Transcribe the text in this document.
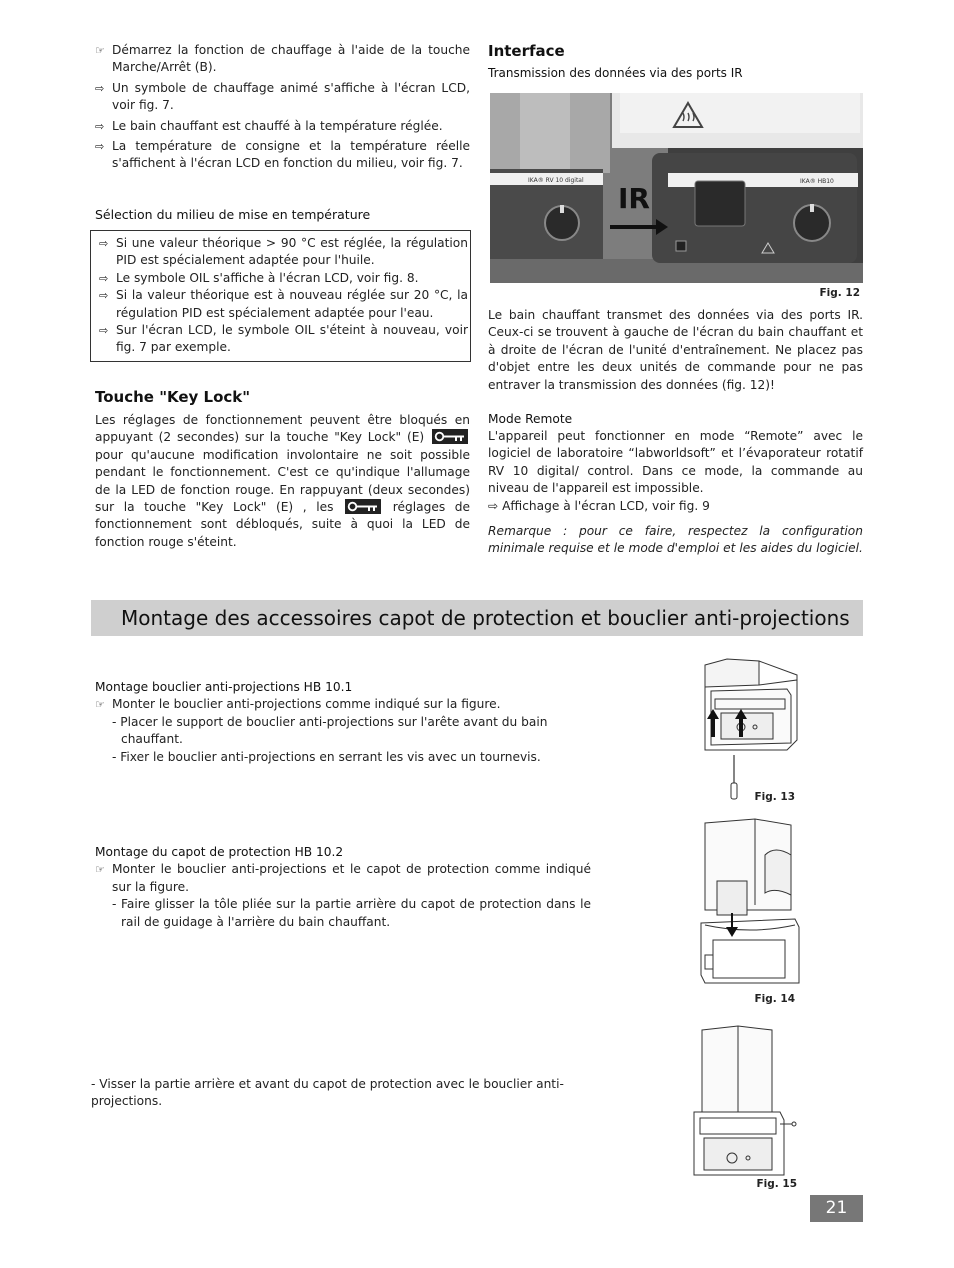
☞ Démarrez la fonction de chauffage à l'aide de la touche Marche/Arrêt (B).
⇨ Un symbole de chauffage animé s'affiche à l'écran LCD, voir fig. 7.
⇨ Le bain chauffant est chauffé à la température réglée.
⇨ La température de consigne et la température réelle s'affichent à l'écran LCD en fonction du milieu, voir fig. 7.
Sélection du milieu de mise en température
⇨ Si une valeur théorique > 90 °C est réglée, la régulation PID est spécialement adaptée pour l'huile.
⇨ Le symbole OIL s'affiche à l'écran LCD, voir fig. 8.
⇨ Si la valeur théorique est à nouveau réglée sur 20 °C, la régulation PID est spécialement adaptée pour l'eau.
⇨ Sur l'écran LCD, le symbole OIL s'éteint à nouveau, voir fig. 7 par exemple.
Touche "Key Lock"

Les réglages de fonctionnement peuvent être bloqués en appuyant (2 secondes) sur la touche "Key Lock" (E)
pour qu'aucune modification involontaire ne soit possible pendant le fonctionnement. C'est ce qu'indique l'allumage de la LED de fonction rouge. En rappuyant (deux secondes) sur la touche "Key Lock" (E) , les	réglages de fonctionnement sont débloqués, suite à quoi la LED de fonction rouge s'éteint.

Interface
Transmission des données via des ports IR
IKA® RV 10 digital	IKA® HB10
IR
Fig. 12

Le bain chauffant transmet des données via des ports IR. Ceux-ci se trouvent à gauche de l'écran du bain chauffant et à droite de l'écran de l'unité d'entraînement. Ne placez pas d'objet entre les deux unités de commande pour ne pas entraver la transmission des données (fig. 12)!

Mode Remote

L'appareil peut fonctionner en mode “Remote” avec le logiciel de laboratoire “labworldsoft” et l’évaporateur rotatif RV 10 digital/ control. Dans ce mode, la commande au niveau de l'appareil est impossible.

⇨ Affichage à l'écran LCD, voir fig. 9

Remarque : pour ce faire, respectez la configuration minimale requise et le mode d'emploi et les aides du logiciel.

Montage des accessoires capot de protection et bouclier anti-projections
Montage bouclier anti-projections HB 10.1
☞ Monter le bouclier anti-projections comme indiqué sur la figure.
- Placer le support de bouclier anti-projections sur l'arête avant du bain chauffant.
- Fixer le bouclier anti-projections en serrant les vis avec un tournevis.
Fig. 13
Montage du capot de protection HB 10.2
☞ Monter le bouclier anti-projections et le capot de protection comme indiqué sur la figure.
- Faire glisser la tôle pliée sur la partie arrière du capot de protection dans le rail de guidage à l'arrière du bain chauffant.
Fig. 14
- Visser la partie arrière et avant du capot de protection avec le bouclier anti-projections.
Fig. 15
21
